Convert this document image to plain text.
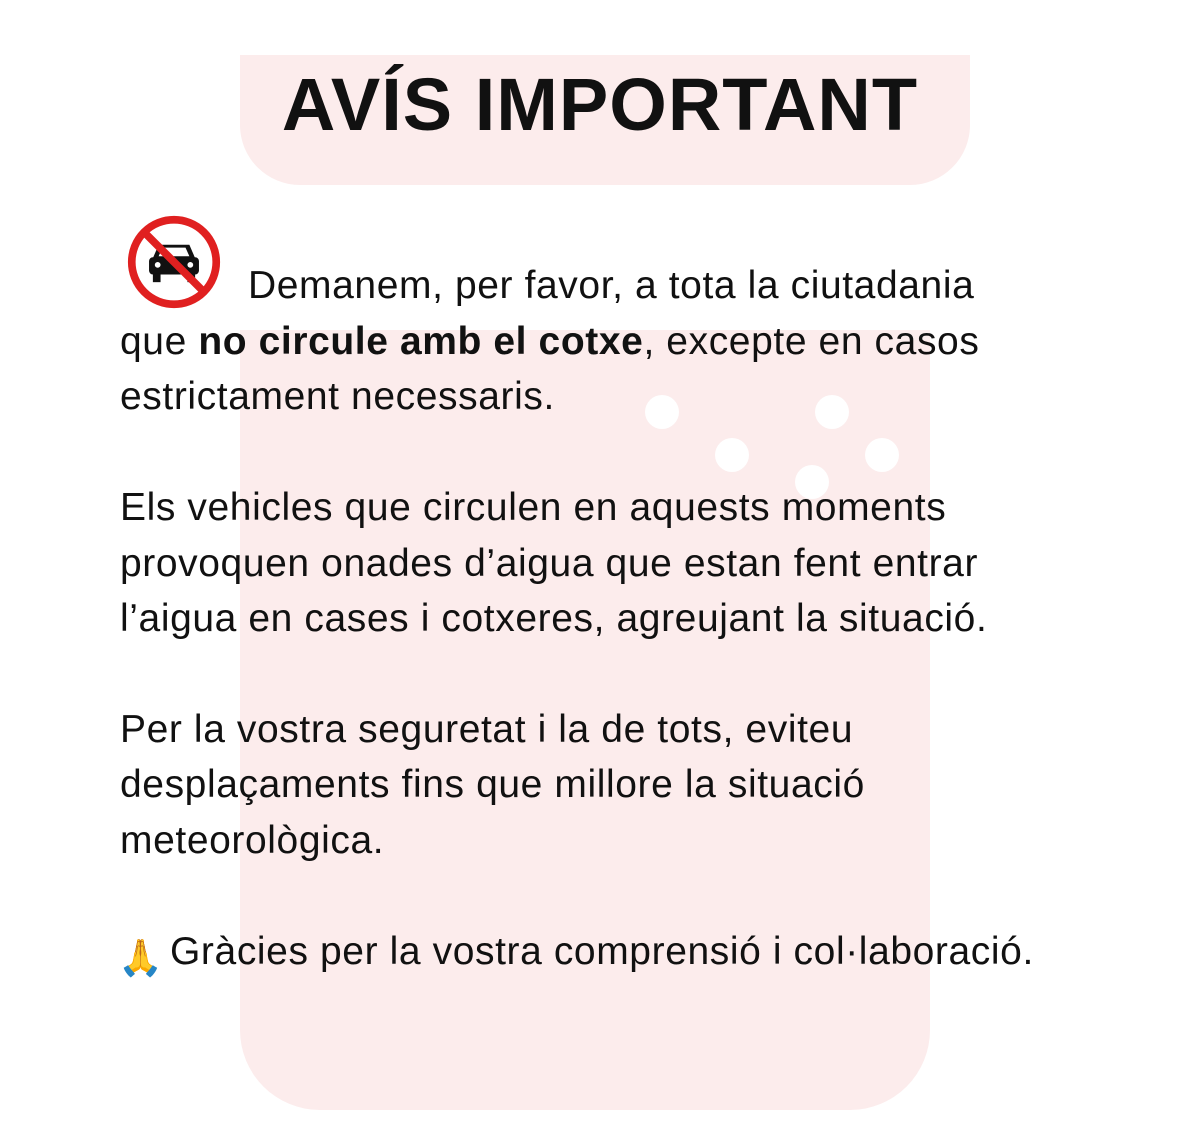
AVÍS IMPORTANT
Demanem, per favor, a tota la ciutadania
que no circule amb el cotxe, excepte en casos
estrictament necessaris.
Els vehicles que circulen en aquests moments
provoquen onades d’aigua que estan fent entrar
l’aigua en cases i cotxeres, agreujant la situació.
Per la vostra seguretat i la de tots, eviteu
desplaçaments fins que millore la situació
meteorològica.
🙏 Gràcies per la vostra comprensió i col·laboració.
